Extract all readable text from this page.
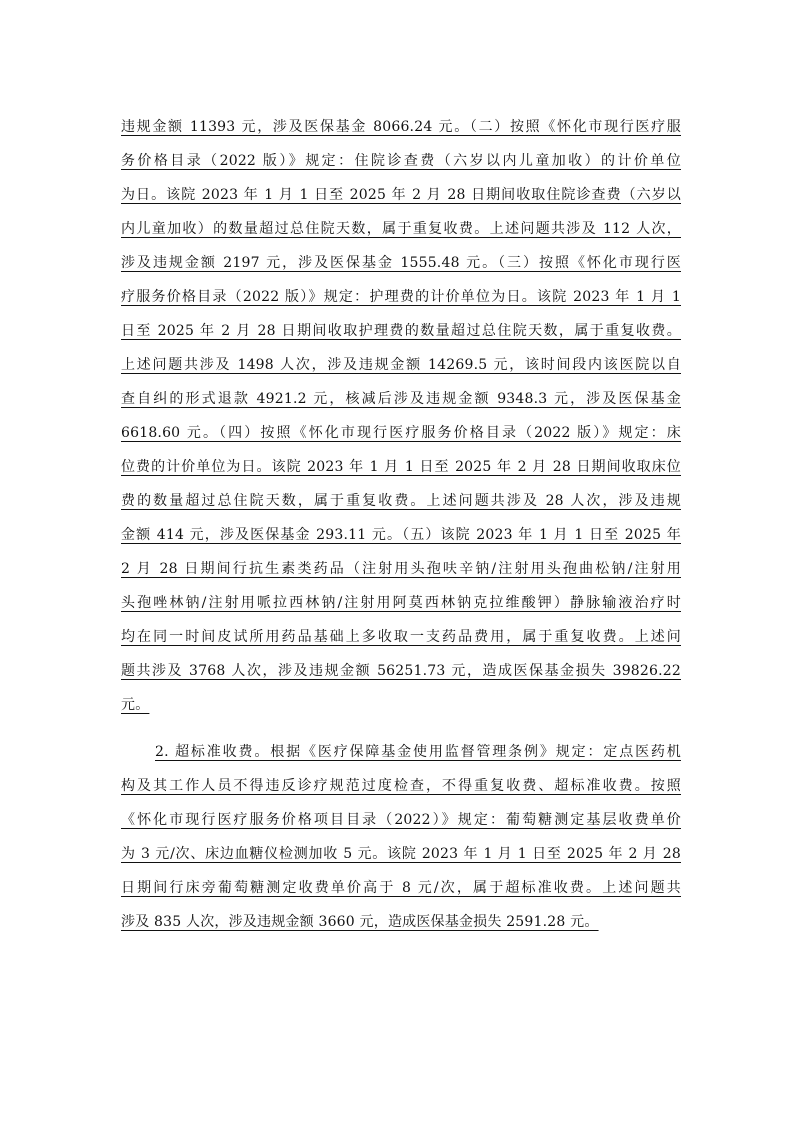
违规金额 11393 元，涉及医保基金 8066.24 元。（二）按照《怀化市现行医疗服
务价格目录（2022 版）》规定：住院诊查费（六岁以内儿童加收）的计价单位
为日。该院 2023 年 1 月 1 日至 2025 年 2 月 28 日期间收取住院诊查费（六岁以
内儿童加收）的数量超过总住院天数，属于重复收费。上述问题共涉及 112 人次，
涉及违规金额 2197 元，涉及医保基金 1555.48 元。（三）按照《怀化市现行医
疗服务价格目录（2022 版）》规定：护理费的计价单位为日。该院 2023 年 1 月 1
日至 2025 年 2 月 28 日期间收取护理费的数量超过总住院天数，属于重复收费。
上述问题共涉及 1498 人次，涉及违规金额 14269.5 元，该时间段内该医院以自
查自纠的形式退款 4921.2 元，核减后涉及违规金额 9348.3 元，涉及医保基金
6618.60 元。（四）按照《怀化市现行医疗服务价格目录（2022 版）》规定：床
位费的计价单位为日。该院 2023 年 1 月 1 日至 2025 年 2 月 28 日期间收取床位
费的数量超过总住院天数，属于重复收费。上述问题共涉及 28 人次，涉及违规
金额 414 元，涉及医保基金 293.11 元。（五）该院 2023 年 1 月 1 日至 2025 年
2 月 28 日期间行抗生素类药品（注射用头孢呋辛钠/注射用头孢曲松钠/注射用
头孢唑林钠/注射用哌拉西林钠/注射用阿莫西林钠克拉维酸钾）静脉输液治疗时
均在同一时间皮试所用药品基础上多收取一支药品费用，属于重复收费。上述问
题共涉及 3768 人次，涉及违规金额 56251.73 元，造成医保基金损失 39826.22
元。
2. 超标准收费。根据《医疗保障基金使用监督管理条例》规定：定点医药机
构及其工作人员不得违反诊疗规范过度检查，不得重复收费、超标准收费。按照
《怀化市现行医疗服务价格项目目录（2022）》规定：葡萄糖测定基层收费单价
为 3 元/次、床边血糖仪检测加收 5 元。该院 2023 年 1 月 1 日至 2025 年 2 月 28
日期间行床旁葡萄糖测定收费单价高于 8 元/次，属于超标准收费。上述问题共
涉及 835 人次，涉及违规金额 3660 元，造成医保基金损失 2591.28 元。
